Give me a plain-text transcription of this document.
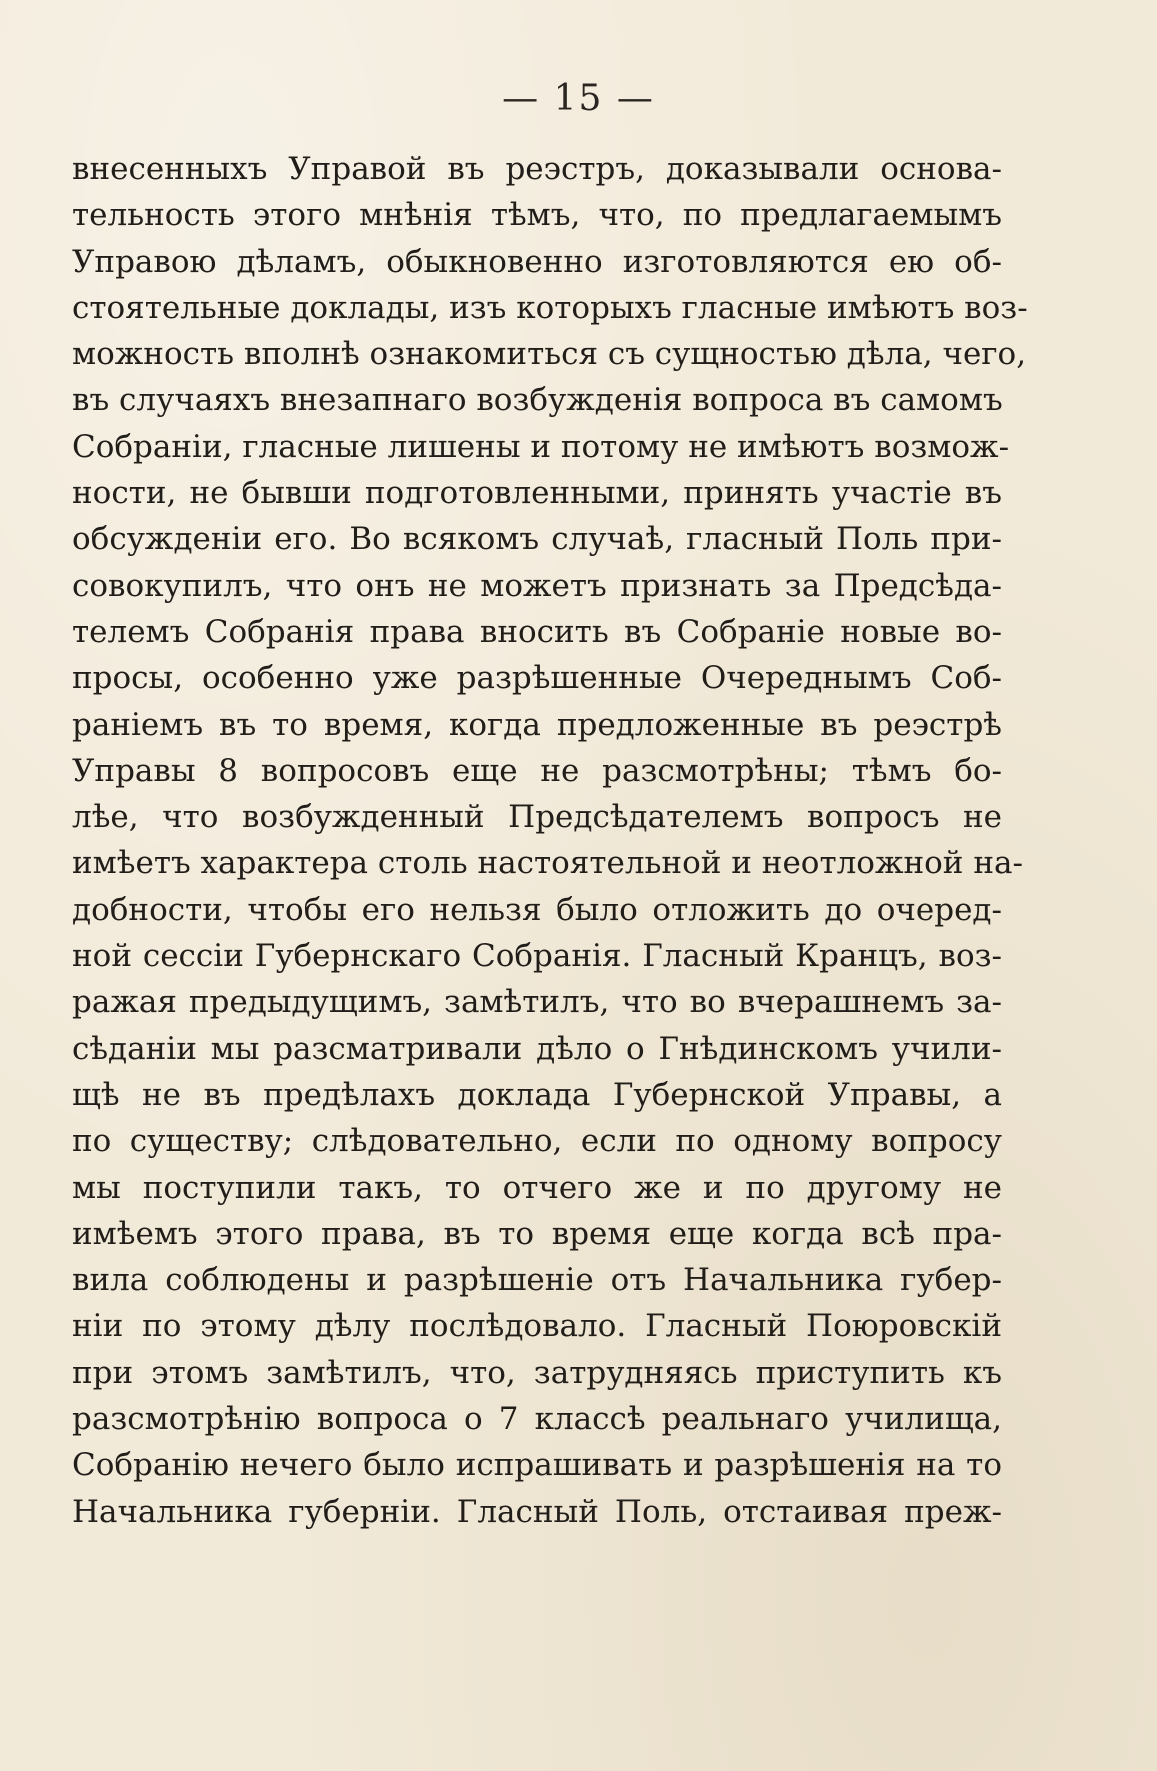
— 15 —
внесенныхъ Управой въ реэстръ, доказывали основа-
тельность этого мнѣнія тѣмъ, что, по предлагаемымъ
Управою дѣламъ, обыкновенно изготовляются ею об-
стоятельные доклады, изъ которыхъ гласные имѣютъ воз-
можность вполнѣ ознакомиться съ сущностью дѣла, чего,
въ случаяхъ внезапнаго возбужденія вопроса въ самомъ
Собраніи, гласные лишены и потому не имѣютъ возмож-
ности, не бывши подготовленными, принять участіе въ
обсужденіи его. Во всякомъ случаѣ, гласный Поль при-
совокупилъ, что онъ не можетъ признать за Предсѣда-
телемъ Собранія права вносить въ Собраніе новые во-
просы, особенно уже разрѣшенные Очереднымъ Соб-
раніемъ въ то время, когда предложенные въ реэстрѣ
Управы 8 вопросовъ еще не разсмотрѣны; тѣмъ бо-
лѣе, что возбужденный Предсѣдателемъ вопросъ не
имѣетъ характера столь настоятельной и неотложной на-
добности, чтобы его нельзя было отложить до очеред-
ной сессіи Губернскаго Собранія. Гласный Кранцъ, воз-
ражая предыдущимъ, замѣтилъ, что во вчерашнемъ за-
сѣданіи мы разсматривали дѣло о Гнѣдинскомъ учили-
щѣ не въ предѣлахъ доклада Губернской Управы, а
по существу; слѣдовательно, если по одному вопросу
мы поступили такъ, то отчего же и по другому не
имѣемъ этого права, въ то время еще когда всѣ пра-
вила соблюдены и разрѣшеніе отъ Начальника губер-
ніи по этому дѣлу послѣдовало. Гласный Поюровскій
при этомъ замѣтилъ, что, затрудняясь приступить къ
разсмотрѣнію вопроса о 7 классѣ реальнаго училища,
Собранію нечего было испрашивать и разрѣшенія на то
Начальника губерніи. Гласный Поль, отстаивая преж-
